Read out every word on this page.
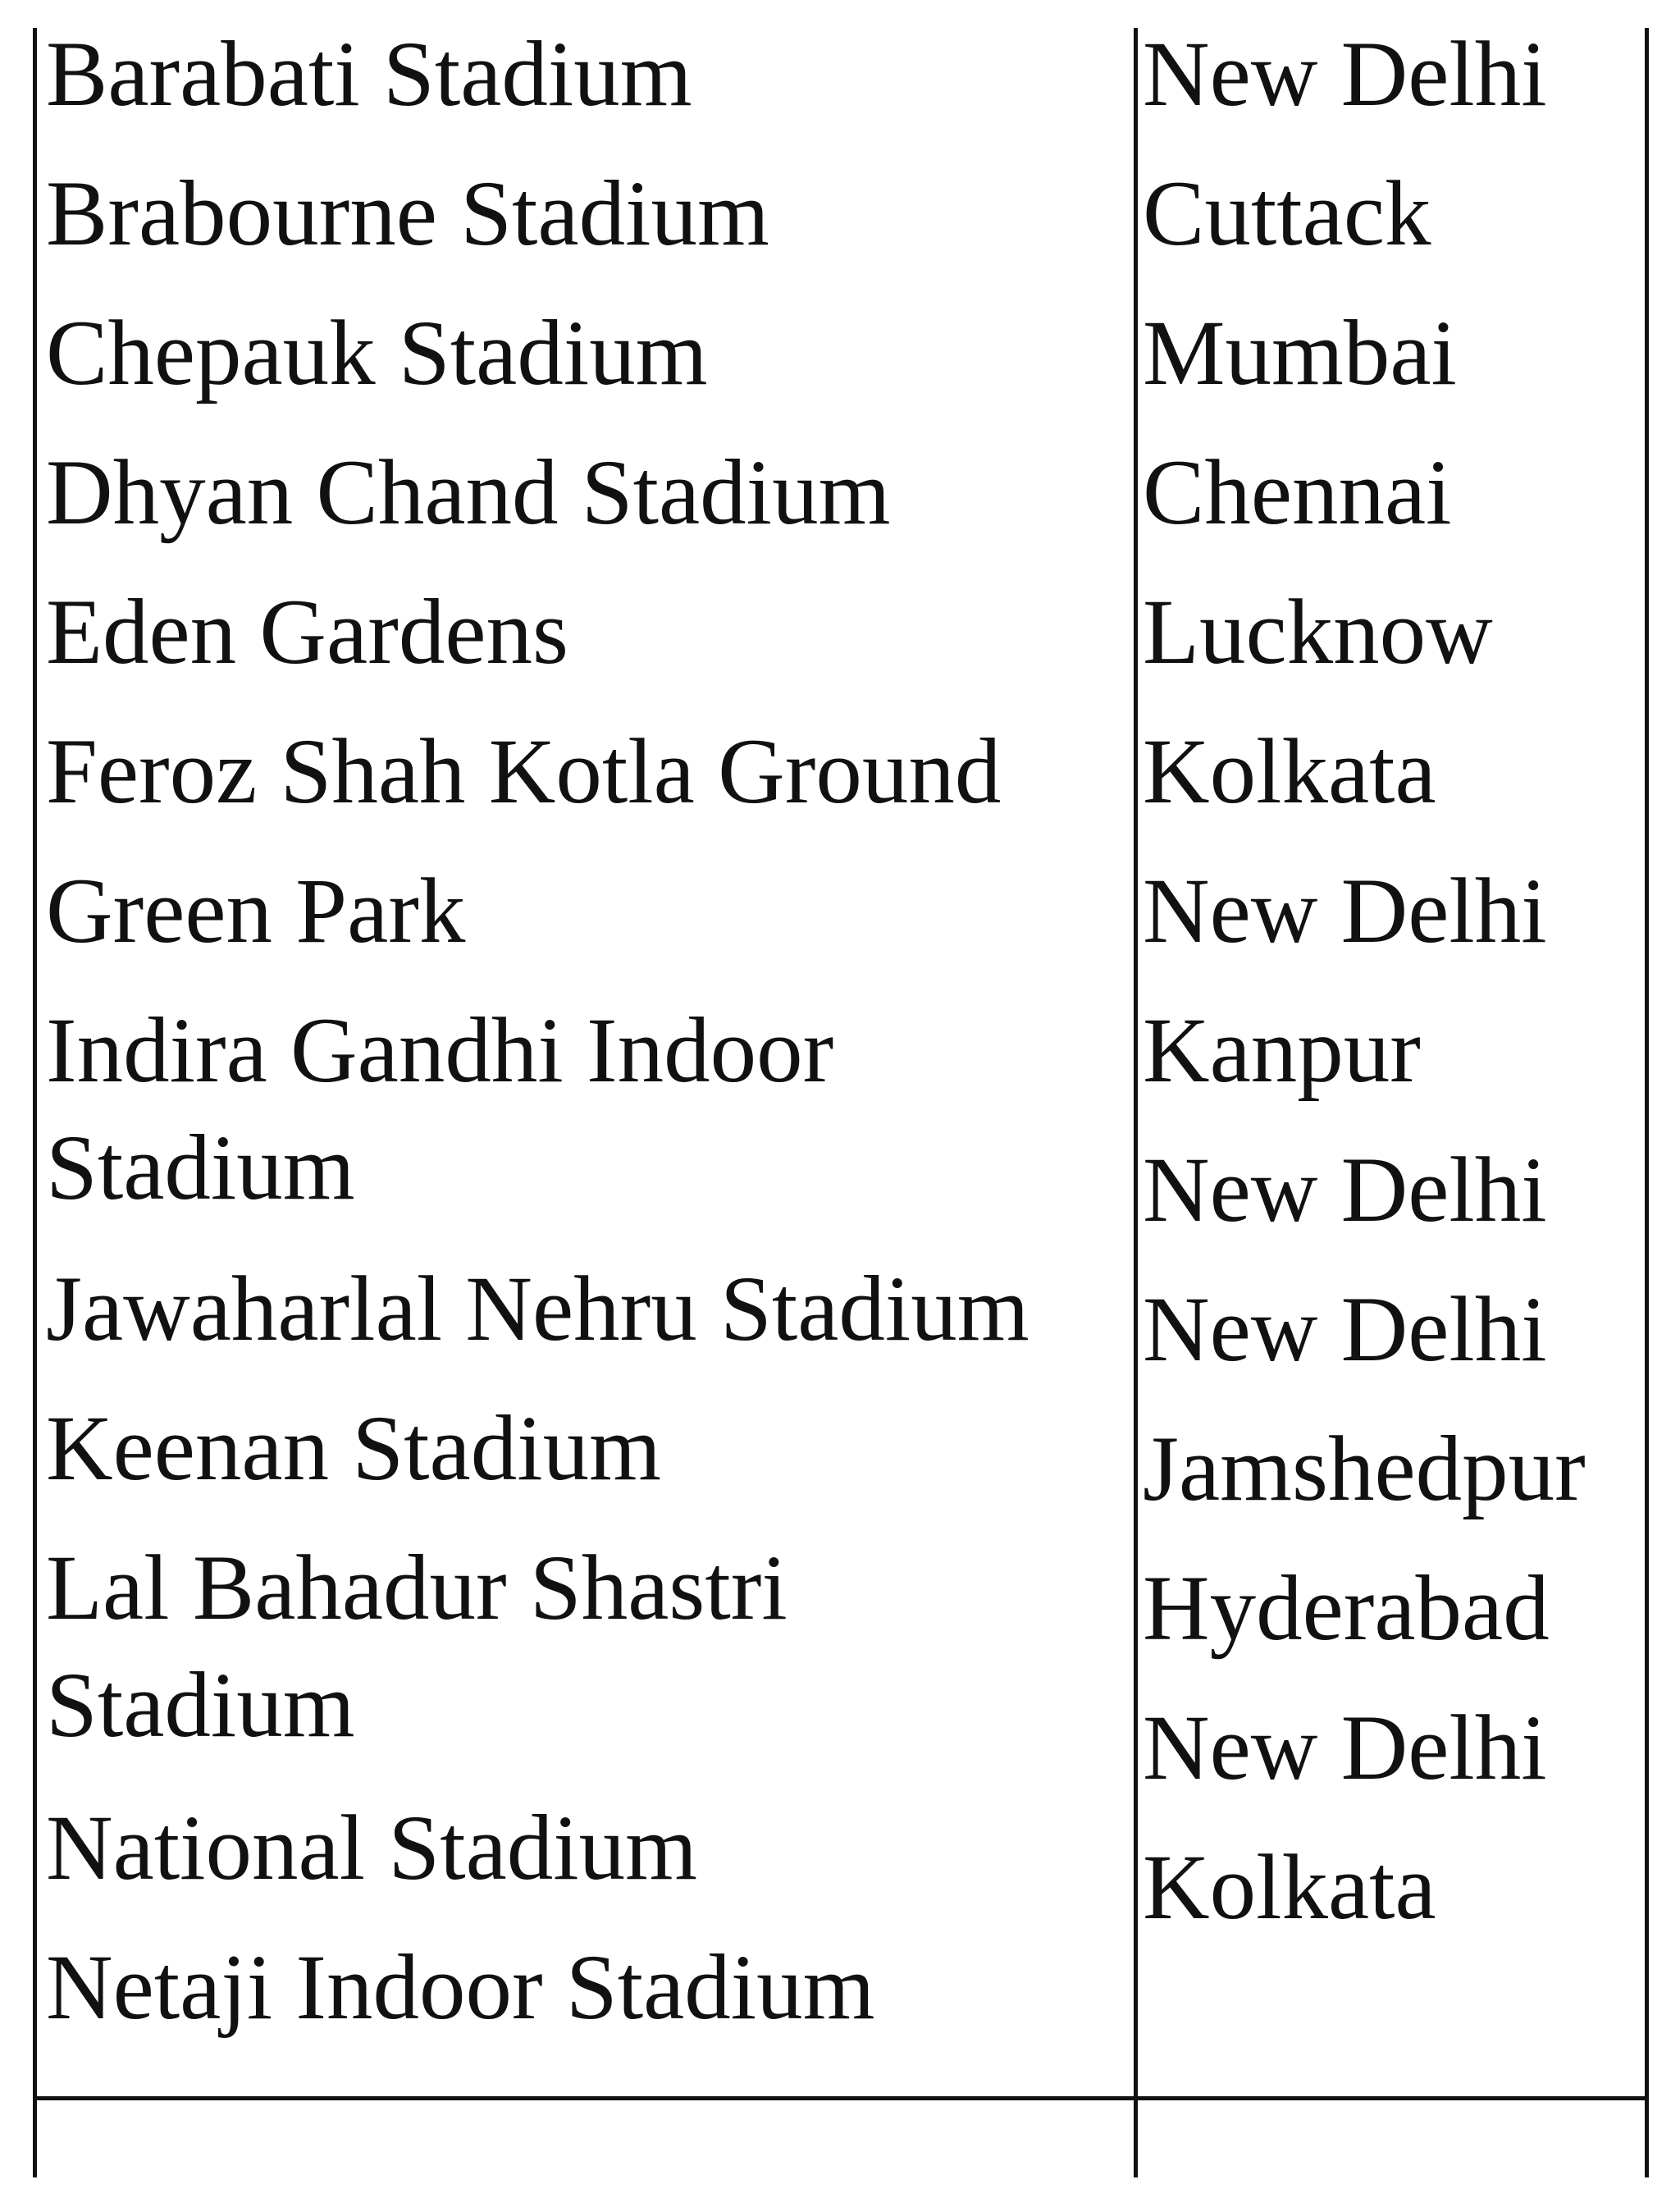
Barabati Stadium
Brabourne Stadium
Chepauk Stadium
Dhyan Chand Stadium
Eden Gardens
Feroz Shah Kotla Ground
Green Park
Indira Gandhi Indoor
Stadium
Jawaharlal Nehru Stadium
Keenan Stadium
Lal Bahadur Shastri
Stadium
National Stadium
Netaji Indoor Stadium
New Delhi
Cuttack
Mumbai
Chennai
Lucknow
Kolkata
New Delhi
Kanpur
New Delhi
New Delhi
Jamshedpur
Hyderabad
New Delhi
Kolkata
